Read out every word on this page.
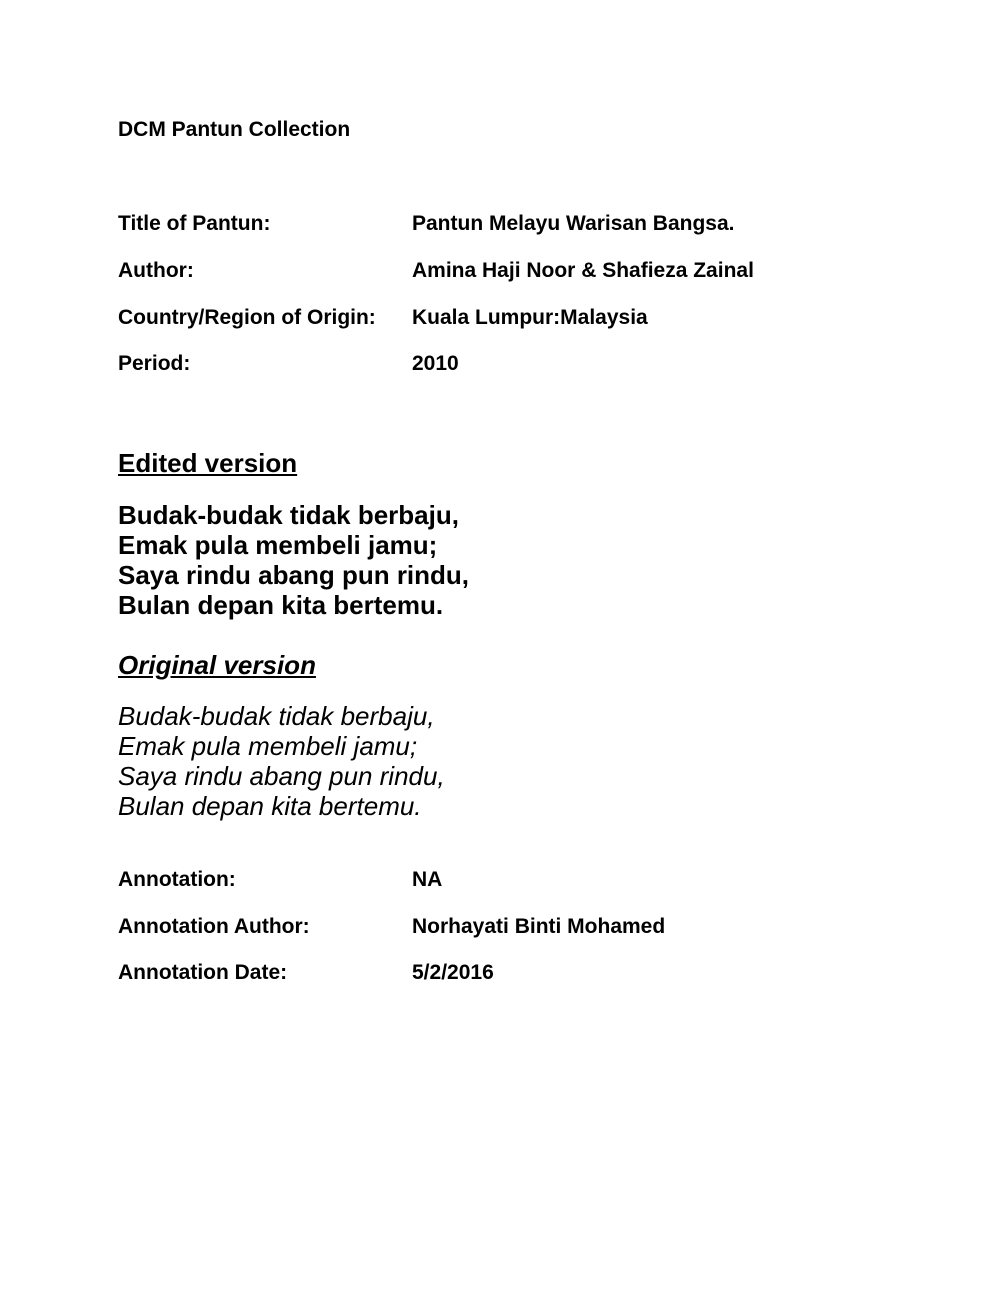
DCM Pantun Collection
Title of Pantun:	Pantun Melayu Warisan Bangsa.
Author:	Amina Haji Noor & Shafieza Zainal
Country/Region of Origin: Kuala Lumpur:Malaysia
Period:	2010
Edited version
Budak-budak tidak berbaju,
Emak pula membeli jamu;
Saya rindu abang pun rindu,
Bulan depan kita bertemu.
Original version
Budak-budak tidak berbaju,
Emak pula membeli jamu;
Saya rindu abang pun rindu,
Bulan depan kita bertemu.
Annotation:	NA
Annotation Author:	Norhayati Binti Mohamed
Annotation Date:	5/2/2016
